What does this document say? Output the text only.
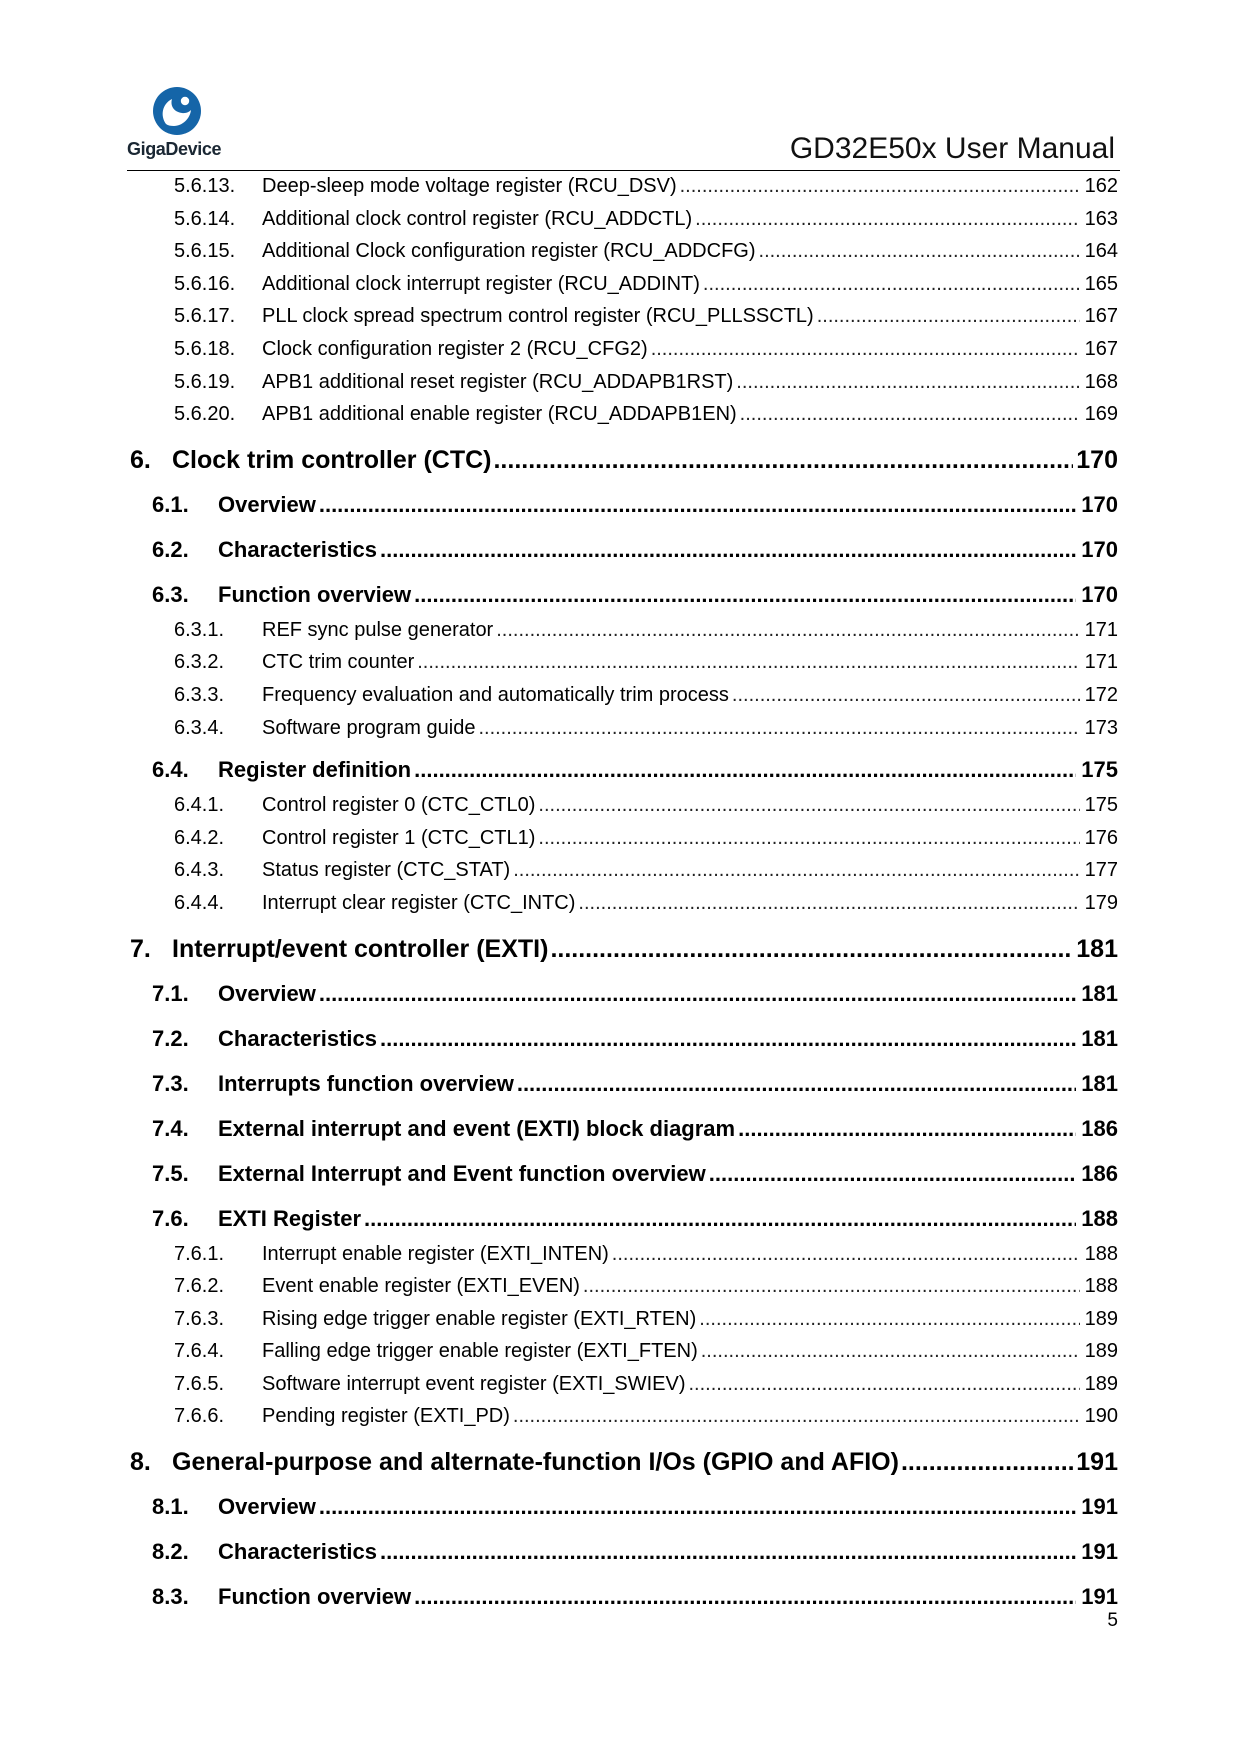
GigaDevice	GD32E50x User Manual
5.6.13.	Deep-sleep mode voltage register (RCU_DSV) .....	162
5.6.14.	Additional clock control register (RCU_ADDCTL) .....	163
5.6.15.	Additional Clock configuration register (RCU_ADDCFG) .....	164
5.6.16.	Additional clock interrupt register (RCU_ADDINT) .....	165
5.6.17.	PLL clock spread spectrum control register (RCU_PLLSSCTL) .....	167
5.6.18.	Clock configuration register 2 (RCU_CFG2) .....	167
5.6.19.	APB1 additional reset register (RCU_ADDAPB1RST) .....	168
5.6.20.	APB1 additional enable register (RCU_ADDAPB1EN) .....	169
6. Clock trim controller (CTC) .....	170
6.1.	Overview .....	170
6.2.	Characteristics .....	170
6.3.	Function overview .....	170
6.3.1.	REF sync pulse generator .....	171
6.3.2.	CTC trim counter .....	171
6.3.3.	Frequency evaluation and automatically trim process .....	172
6.3.4.	Software program guide .....	173
6.4.	Register definition .....	175
6.4.1.	Control register 0 (CTC_CTL0) .....	175
6.4.2.	Control register 1 (CTC_CTL1) .....	176
6.4.3.	Status register (CTC_STAT) .....	177
6.4.4.	Interrupt clear register (CTC_INTC) .....	179
7. Interrupt/event controller (EXTI) .....	181
7.1.	Overview .....	181
7.2.	Characteristics .....	181
7.3.	Interrupts function overview .....	181
7.4.	External interrupt and event (EXTI) block diagram .....	186
7.5.	External Interrupt and Event function overview .....	186
7.6.	EXTI Register .....	188
7.6.1.	Interrupt enable register (EXTI_INTEN) .....	188
7.6.2.	Event enable register (EXTI_EVEN) .....	188
7.6.3.	Rising edge trigger enable register (EXTI_RTEN) .....	189
7.6.4.	Falling edge trigger enable register (EXTI_FTEN) .....	189
7.6.5.	Software interrupt event register (EXTI_SWIEV) .....	189
7.6.6.	Pending register (EXTI_PD) .....	190
8. General-purpose and alternate-function I/Os (GPIO and AFIO) .....	191
8.1.	Overview .....	191
8.2.	Characteristics .....	191
8.3.	Function overview .....	191
5
